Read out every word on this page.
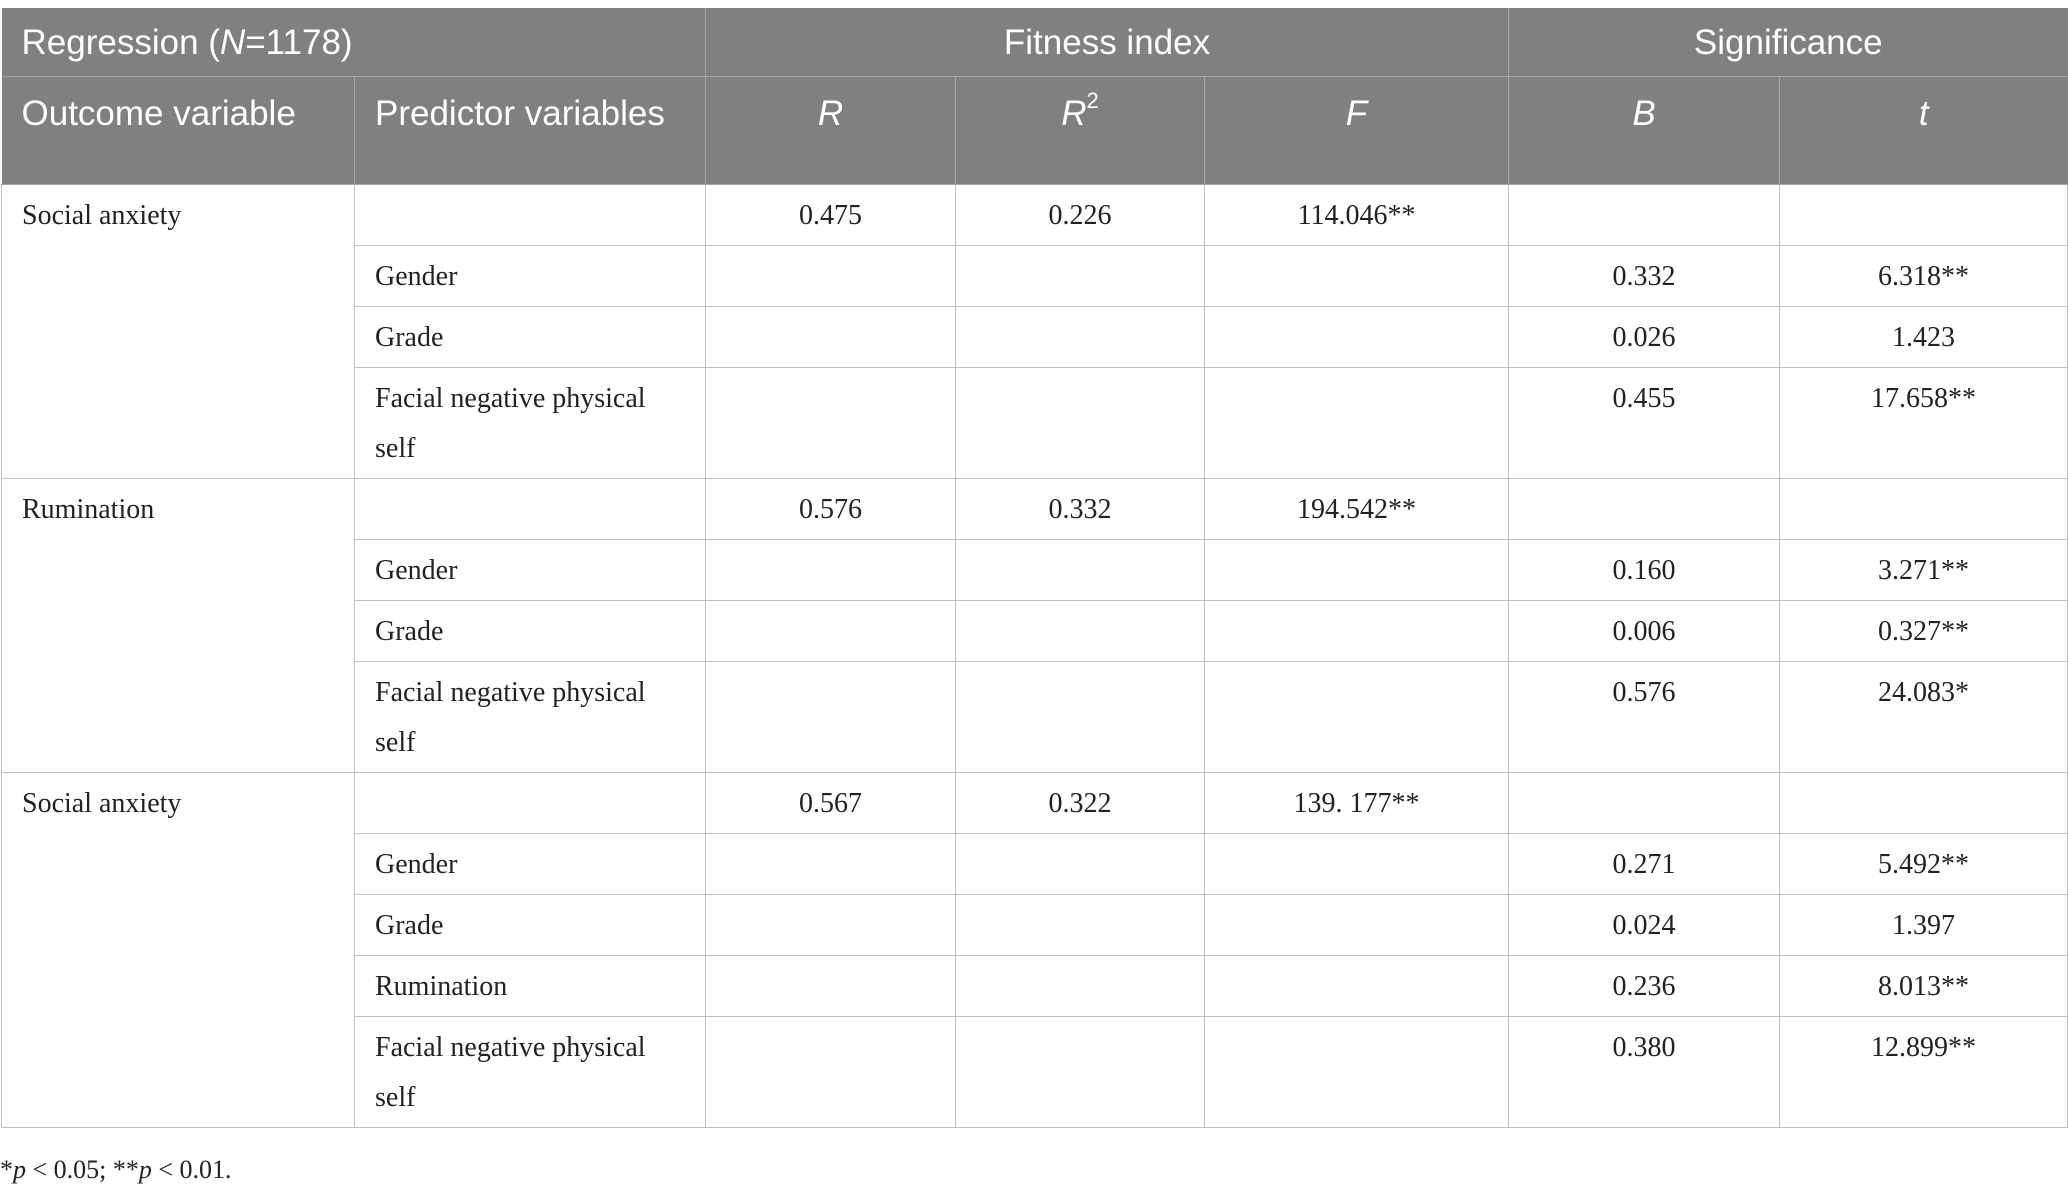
Regression (N=1178)		Fitness index			Significance	
Outcome variable	Predictor variables	R	$R^2$	F	B	t
Social anxiety		0.475	0.226	114.046**		
	Gender				0.332	6.318**
	Grade				0.026	1.423
	Facial negative physical self				0.455	17.658**
Rumination		0.576	0.332	194.542**		
	Gender				0.160	3.271**
	Grade				0.006	0.327**
	Facial negative physical self				0.576	24.083*
Social anxiety		0.567	0.322	139. 177**		
	Gender				0.271	5.492**
	Grade				0.024	1.397
	Rumination				0.236	8.013**
	Facial negative physical self				0.380	12.899**
*p < 0.05; **p < 0.01.
